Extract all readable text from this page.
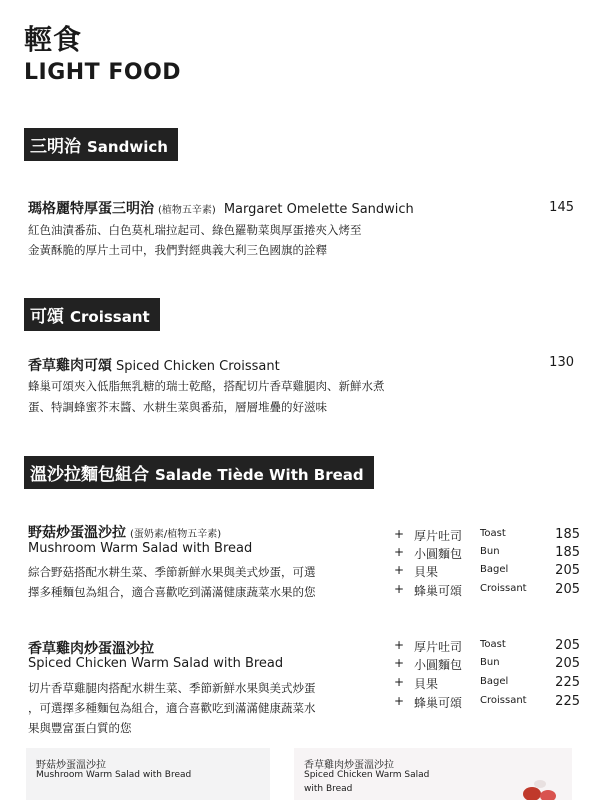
輕食
LIGHT FOOD
三明治 Sandwich
瑪格麗特厚蛋三明治 (植物五辛素) Margaret Omelette Sandwich	145
紅色油漬番茄、白色莫札瑞拉起司、綠色羅勒菜與厚蛋捲夾入烤至
金黃酥脆的厚片土司中，我們對經典義大利三色國旗的詮釋
可頌 Croissant
香草雞肉可頌 Spiced Chicken Croissant	130
蜂巢可頌夾入低脂無乳糖的瑞士乾酪，搭配切片香草雞腿肉、新鮮水煮
蛋、特調蜂蜜芥末醬、水耕生菜與番茄，層層堆疊的好滋味
溫沙拉麵包組合 Salade Tiède With Bread
野菇炒蛋溫沙拉 (蛋奶素/植物五辛素)
Mushroom Warm Salad with Bread
綜合野菇搭配水耕生菜、季節新鮮水果與美式炒蛋，可選
擇多種麵包為組合，適合喜歡吃到滿滿健康蔬菜水果的您
+ 厚片吐司 Toast	185
+ 小圓麵包 Bun	185
+ 貝果	Bagel	205
+ 蜂巢可頌 Croissant 205
香草雞肉炒蛋溫沙拉
Spiced Chicken Warm Salad with Bread
切片香草雞腿肉搭配水耕生菜、季節新鮮水果與美式炒蛋
，可選擇多種麵包為組合，適合喜歡吃到滿滿健康蔬菜水
果與豐富蛋白質的您
+ 厚片吐司 Toast	205
+ 小圓麵包 Bun	205
+ 貝果	Bagel	225
+ 蜂巢可頌 Croissant 225
野菇炒蛋溫沙拉
Mushroom Warm Salad with Bread
香草雞肉炒蛋溫沙拉
Spiced Chicken Warm Salad
with Bread
